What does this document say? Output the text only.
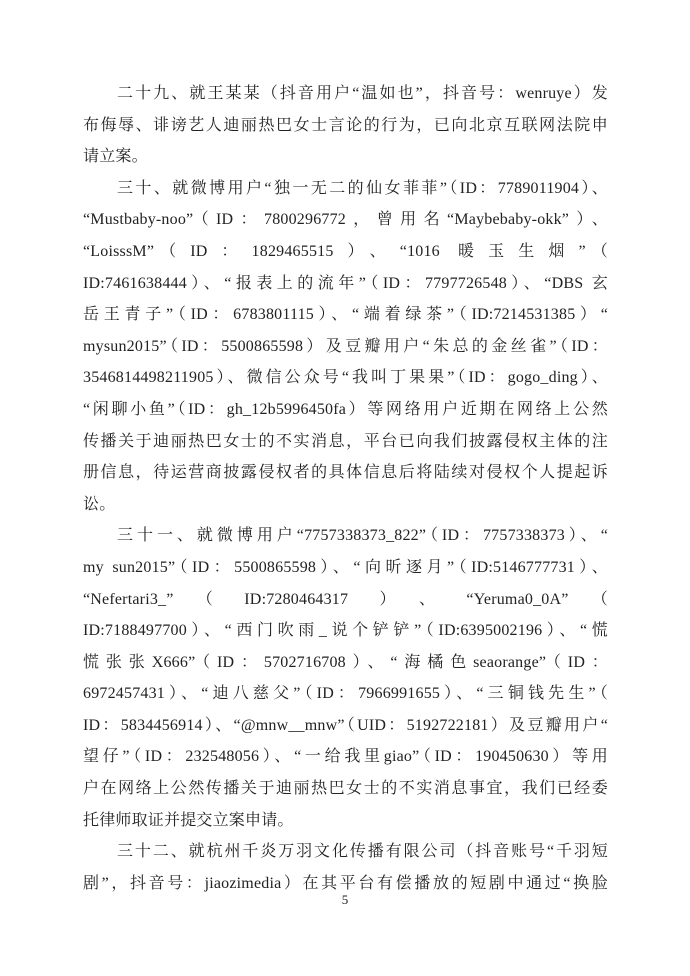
二十九、就王某某（抖音用户“温如也”，抖音号：wenruye）发
布侮辱、诽谤艺人迪丽热巴女士言论的行为，已向北京互联网法院申
请立案。
三十、就微博用户“独一无二的仙女菲菲”（ID：7789011904）、
“Mustbaby-noo”（ID：7800296772，曾用名“Maybebaby-okk”）、
“LoisssM”（ID：1829465515）、“1016 暖玉生烟”（
ID:7461638444）、“报表上的流年”（ID：7797726548）、“DBS 玄
岳王青子”（ID：6783801115）、“端着绿茶”（ID:7214531385）“
mysun2015”（ID：5500865598）及豆瓣用户“朱总的金丝雀”（ID：
3546814498211905）、微信公众号“我叫丁果果”（ID：gogo_ding）、
“闲聊小鱼”（ID：gh_12b5996450fa）等网络用户近期在网络上公然
传播关于迪丽热巴女士的不实消息，平台已向我们披露侵权主体的注
册信息，待运营商披露侵权者的具体信息后将陆续对侵权个人提起诉
讼。
三十一、就微博用户“7757338373_822”（ID：7757338373）、“
my sun2015”（ID：5500865598）、“向昕逐月”（ID:5146777731）、
“Nefertari3_”（ID:7280464317）、“Yeruma0_0A”（
ID:7188497700）、“西门吹雨_说个铲铲”（ID:6395002196）、“慌
慌张张X666”（ID：5702716708）、“海橘色seaorange”（ID：
6972457431）、“迪八慈父”（ID：7966991655）、“三铜钱先生”（
ID：5834456914）、“@mnw__mnw”（UID：5192722181）及豆瓣用户“
望仔”（ID：232548056）、“一给我里giao”（ID：190450630）等用
户在网络上公然传播关于迪丽热巴女士的不实消息事宜，我们已经委
托律师取证并提交立案申请。
三十二、就杭州千炎万羽文化传播有限公司（抖音账号“千羽短
剧”，抖音号：jiaozimedia）在其平台有偿播放的短剧中通过“换脸
5
